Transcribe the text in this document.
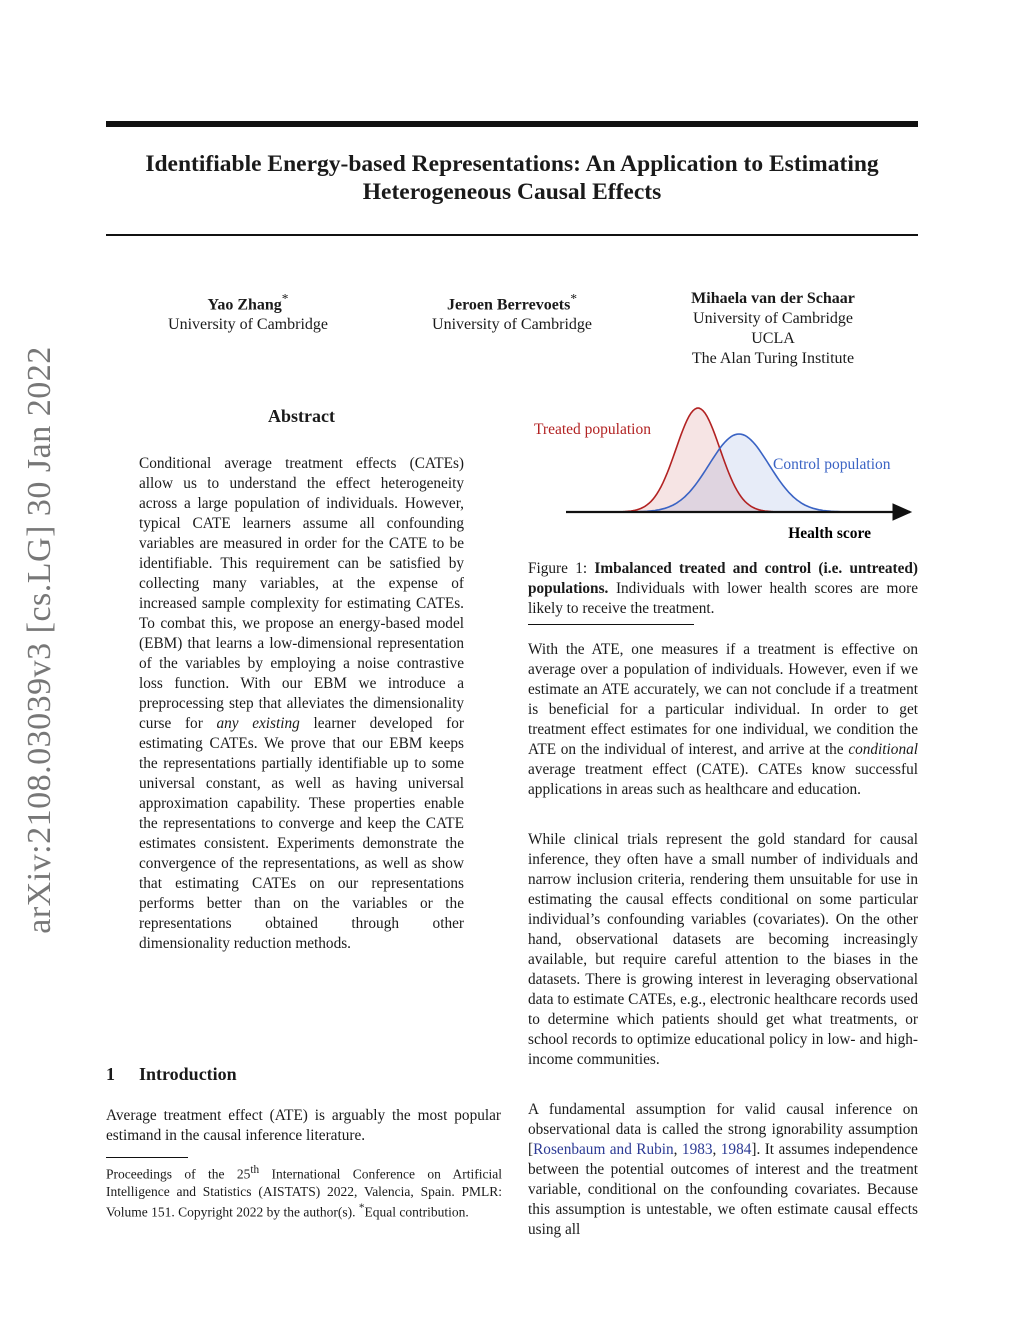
arXiv:2108.03039v3 [cs.LG] 30 Jan 2022
Identifiable Energy-based Representations: An Application to Estimating Heterogeneous Causal Effects
Yao Zhang*
University of Cambridge
Jeroen Berrevoets*
University of Cambridge
Mihaela van der Schaar
University of Cambridge
UCLA
The Alan Turing Institute
Abstract
Conditional average treatment effects (CATEs) allow us to understand the effect heterogeneity across a large population of individuals. However, typical CATE learners assume all confounding variables are measured in order for the CATE to be identifiable. This requirement can be satisfied by collecting many variables, at the expense of increased sample complexity for estimating CATEs. To combat this, we propose an energy-based model (EBM) that learns a low-dimensional representation of the variables by employing a noise contrastive loss function. With our EBM we introduce a preprocessing step that alleviates the dimensionality curse for any existing learner developed for estimating CATEs. We prove that our EBM keeps the representations partially identifiable up to some universal constant, as well as having universal approximation capability. These properties enable the representations to converge and keep the CATE estimates consistent. Experiments demonstrate the convergence of the representations, as well as show that estimating CATEs on our representations performs better than on the variables or the representations obtained through other dimensionality reduction methods.
1 Introduction
Average treatment effect (ATE) is arguably the most popular estimand in the causal inference literature.
Proceedings of the 25th International Conference on Artificial Intelligence and Statistics (AISTATS) 2022, Valencia, Spain. PMLR: Volume 151. Copyright 2022 by the author(s). *Equal contribution.
Treated population
Control population
Health score
Figure 1: Imbalanced treated and control (i.e. untreated) populations. Individuals with lower health scores are more likely to receive the treatment.
With the ATE, one measures if a treatment is effective on average over a population of individuals. However, even if we estimate an ATE accurately, we can not conclude if a treatment is beneficial for a particular individual. In order to get treatment effect estimates for one individual, we condition the ATE on the individual of interest, and arrive at the conditional average treatment effect (CATE). CATEs know successful applications in areas such as healthcare and education.
While clinical trials represent the gold standard for causal inference, they often have a small number of individuals and narrow inclusion criteria, rendering them unsuitable for use in estimating the causal effects conditional on some particular individual’s confounding variables (covariates). On the other hand, observational datasets are becoming increasingly available, but require careful attention to the biases in the datasets. There is growing interest in leveraging observational data to estimate CATEs, e.g., electronic healthcare records used to determine which patients should get what treatments, or school records to optimize educational policy in low- and high-income communities.
A fundamental assumption for valid causal inference on observational data is called the strong ignorability assumption [Rosenbaum and Rubin, 1983, 1984]. It assumes independence between the potential outcomes of interest and the treatment variable, conditional on the confounding covariates. Because this assumption is untestable, we often estimate causal effects using all
